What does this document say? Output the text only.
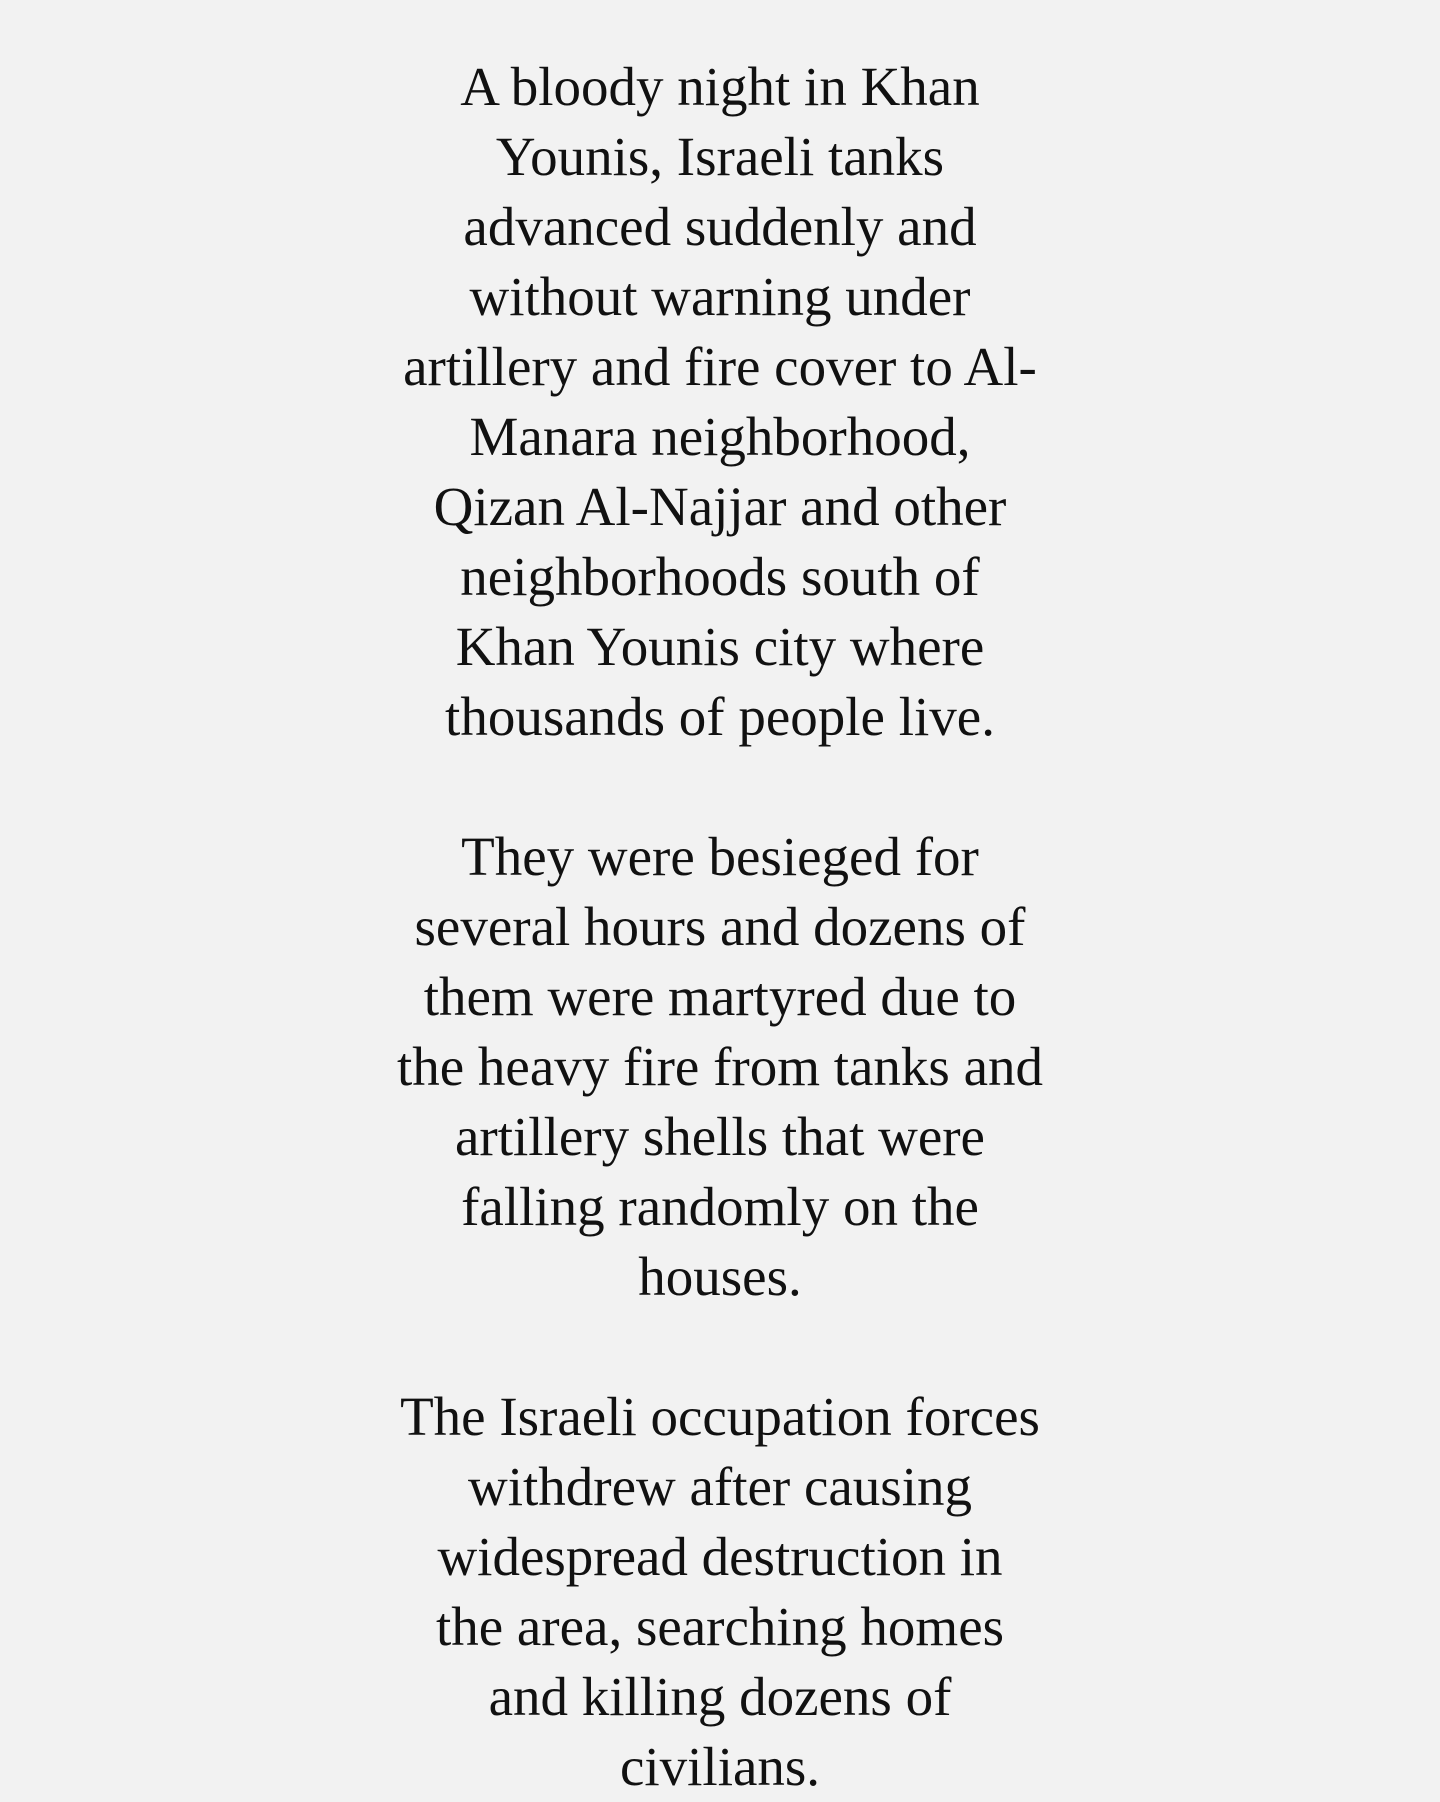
A bloody night in Khan
Younis, Israeli tanks
advanced suddenly and
without warning under
artillery and fire cover to Al-
Manara neighborhood,
Qizan Al-Najjar and other
neighborhoods south of
Khan Younis city where
thousands of people live.
They were besieged for
several hours and dozens of
them were martyred due to
the heavy fire from tanks and
artillery shells that were
falling randomly on the
houses.
The Israeli occupation forces
withdrew after causing
widespread destruction in
the area, searching homes
and killing dozens of
civilians.
